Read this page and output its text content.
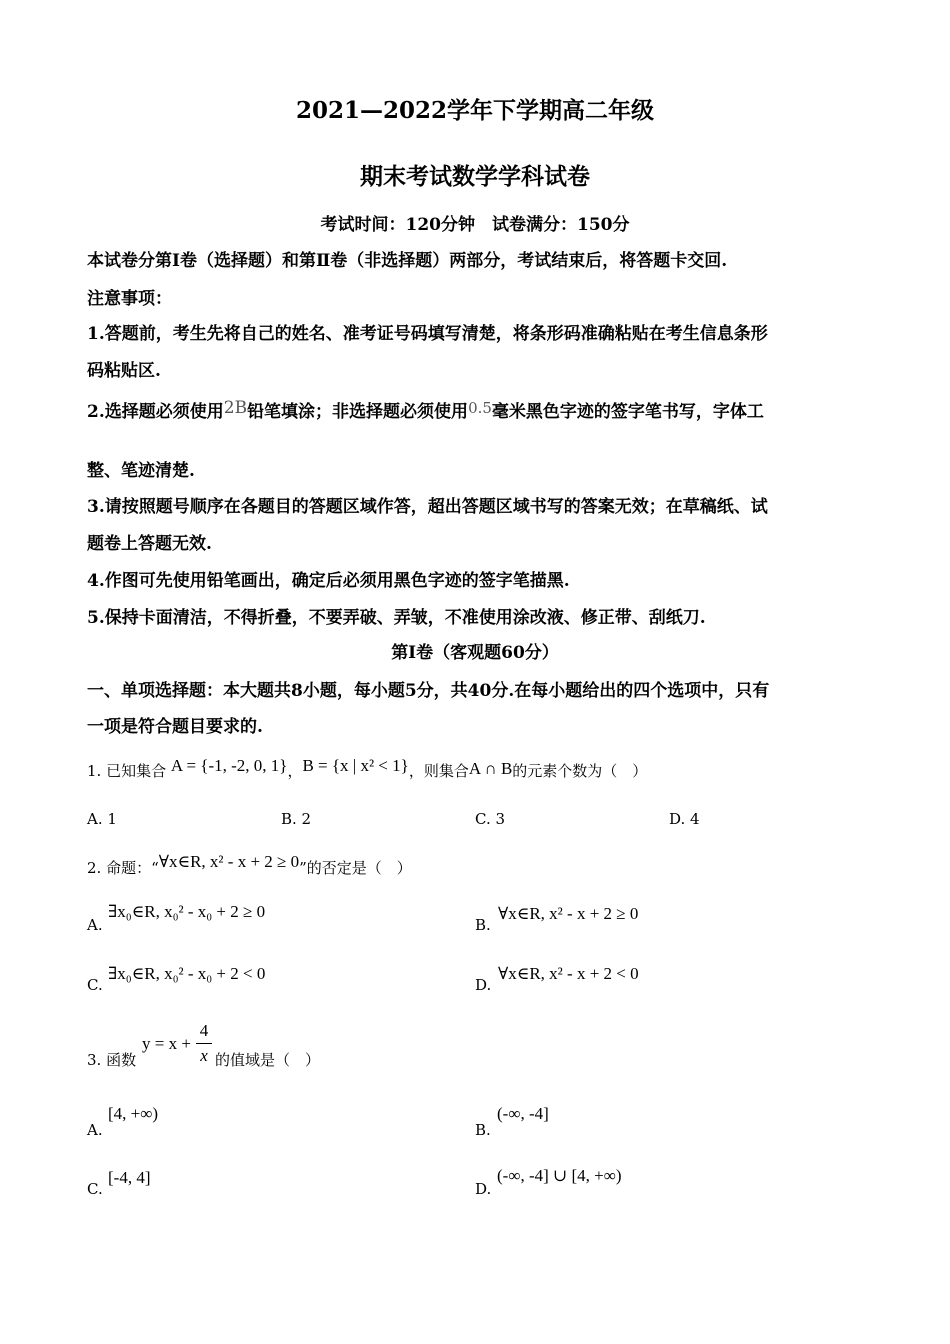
2021—2022学年下学期高二年级
期末考试数学学科试卷
考试时间：120分钟　试卷满分：150分
本试卷分第Ⅰ卷（选择题）和第Ⅱ卷（非选择题）两部分，考试结束后，将答题卡交回.
注意事项：
1.答题前，考生先将自己的姓名、准考证号码填写清楚，将条形码准确粘贴在考生信息条形
码粘贴区.
2.选择题必须使用2B铅笔填涂；非选择题必须使用0.5毫米黑色字迹的签字笔书写，字体工
整、笔迹清楚.
3.请按照题号顺序在各题目的答题区域作答，超出答题区域书写的答案无效；在草稿纸、试
题卷上答题无效.
4.作图可先使用铅笔画出，确定后必须用黑色字迹的签字笔描黑.
5.保持卡面清洁，不得折叠，不要弄破、弄皱，不准使用涂改液、修正带、刮纸刀.
第Ⅰ卷（客观题60分）
一、单项选择题：本大题共8小题，每小题5分，共40分.在每小题给出的四个选项中，只有
一项是符合题目要求的.
1. 已知集合 A = {-1, -2, 0, 1}，B = {x | x² < 1}，则集合A ∩ B的元素个数为（　）
A. 1	B. 2	C. 3	D. 4
2. 命题：“∀x∈R, x² - x + 2 ≥ 0”的否定是（　）
A.
∃x₀∈R, x₀² - x₀ + 2 ≥ 0
B.
∀x∈R, x² - x + 2 ≥ 0
C.
∃x₀∈R, x₀² - x₀ + 2 < 0
D.
∀x∈R, x² - x + 2 < 0
3. 函数
y = x +
4
x 的值域是（　）
A.
[4, +∞)
B.
(-∞, -4]
C.
[-4, 4]
D.
(-∞, -4] ∪ [4, +∞)
